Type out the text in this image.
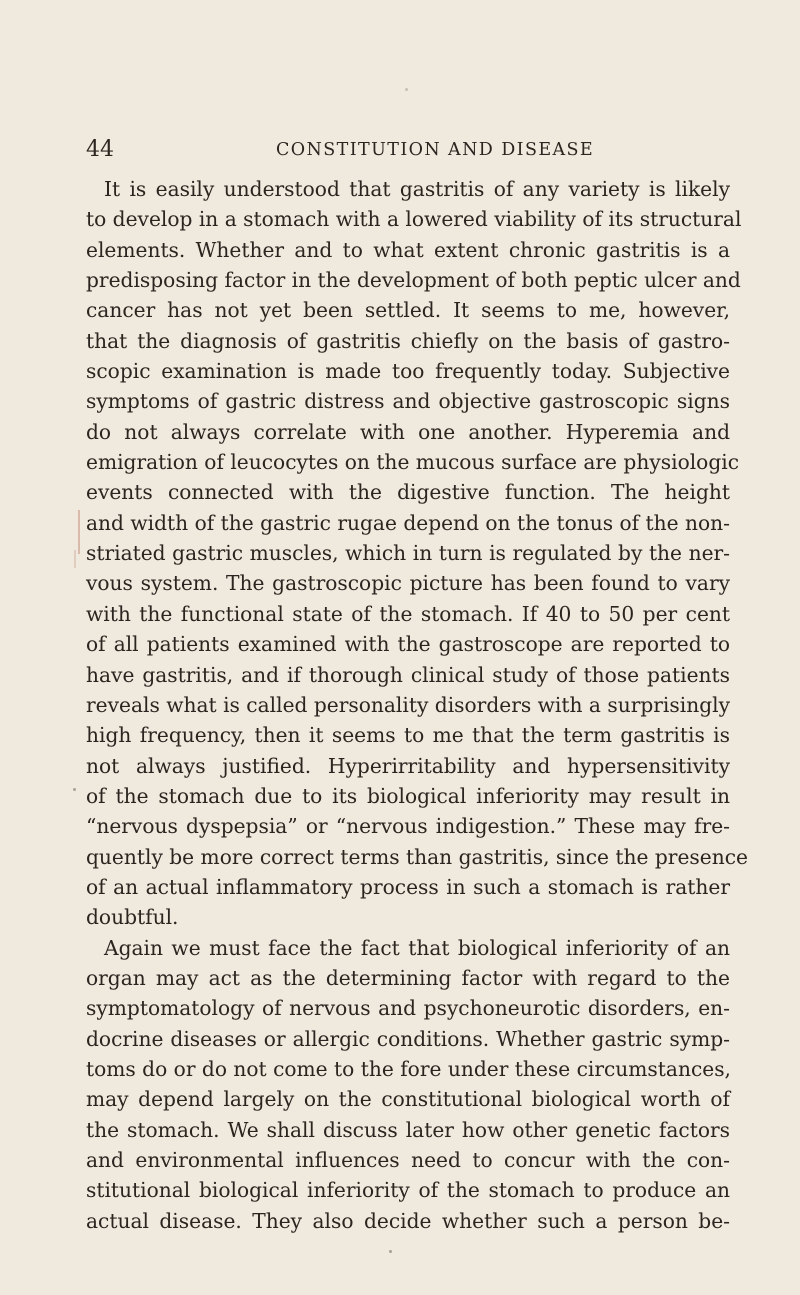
44	CONSTITUTION AND DISEASE
It is easily understood that gastritis of any variety is likely
to develop in a stomach with a lowered viability of its structural
elements. Whether and to what extent chronic gastritis is a
predisposing factor in the development of both peptic ulcer and
cancer has not yet been settled. It seems to me, however,
that the diagnosis of gastritis chiefly on the basis of gastro-
scopic examination is made too frequently today. Subjective
symptoms of gastric distress and objective gastroscopic signs
do not always correlate with one another. Hyperemia and
emigration of leucocytes on the mucous surface are physiologic
events connected with the digestive function. The height
and width of the gastric rugae depend on the tonus of the non-
striated gastric muscles, which in turn is regulated by the ner-
vous system. The gastroscopic picture has been found to vary
with the functional state of the stomach. If 40 to 50 per cent
of all patients examined with the gastroscope are reported to
have gastritis, and if thorough clinical study of those patients
reveals what is called personality disorders with a surprisingly
high frequency, then it seems to me that the term gastritis is
not always justified. Hyperirritability and hypersensitivity
of the stomach due to its biological inferiority may result in
“nervous dyspepsia” or “nervous indigestion.” These may fre-
quently be more correct terms than gastritis, since the presence
of an actual inflammatory process in such a stomach is rather
doubtful.
Again we must face the fact that biological inferiority of an
organ may act as the determining factor with regard to the
symptomatology of nervous and psychoneurotic disorders, en-
docrine diseases or allergic conditions. Whether gastric symp-
toms do or do not come to the fore under these circumstances,
may depend largely on the constitutional biological worth of
the stomach. We shall discuss later how other genetic factors
and environmental influences need to concur with the con-
stitutional biological inferiority of the stomach to produce an
actual disease. They also decide whether such a person be-
